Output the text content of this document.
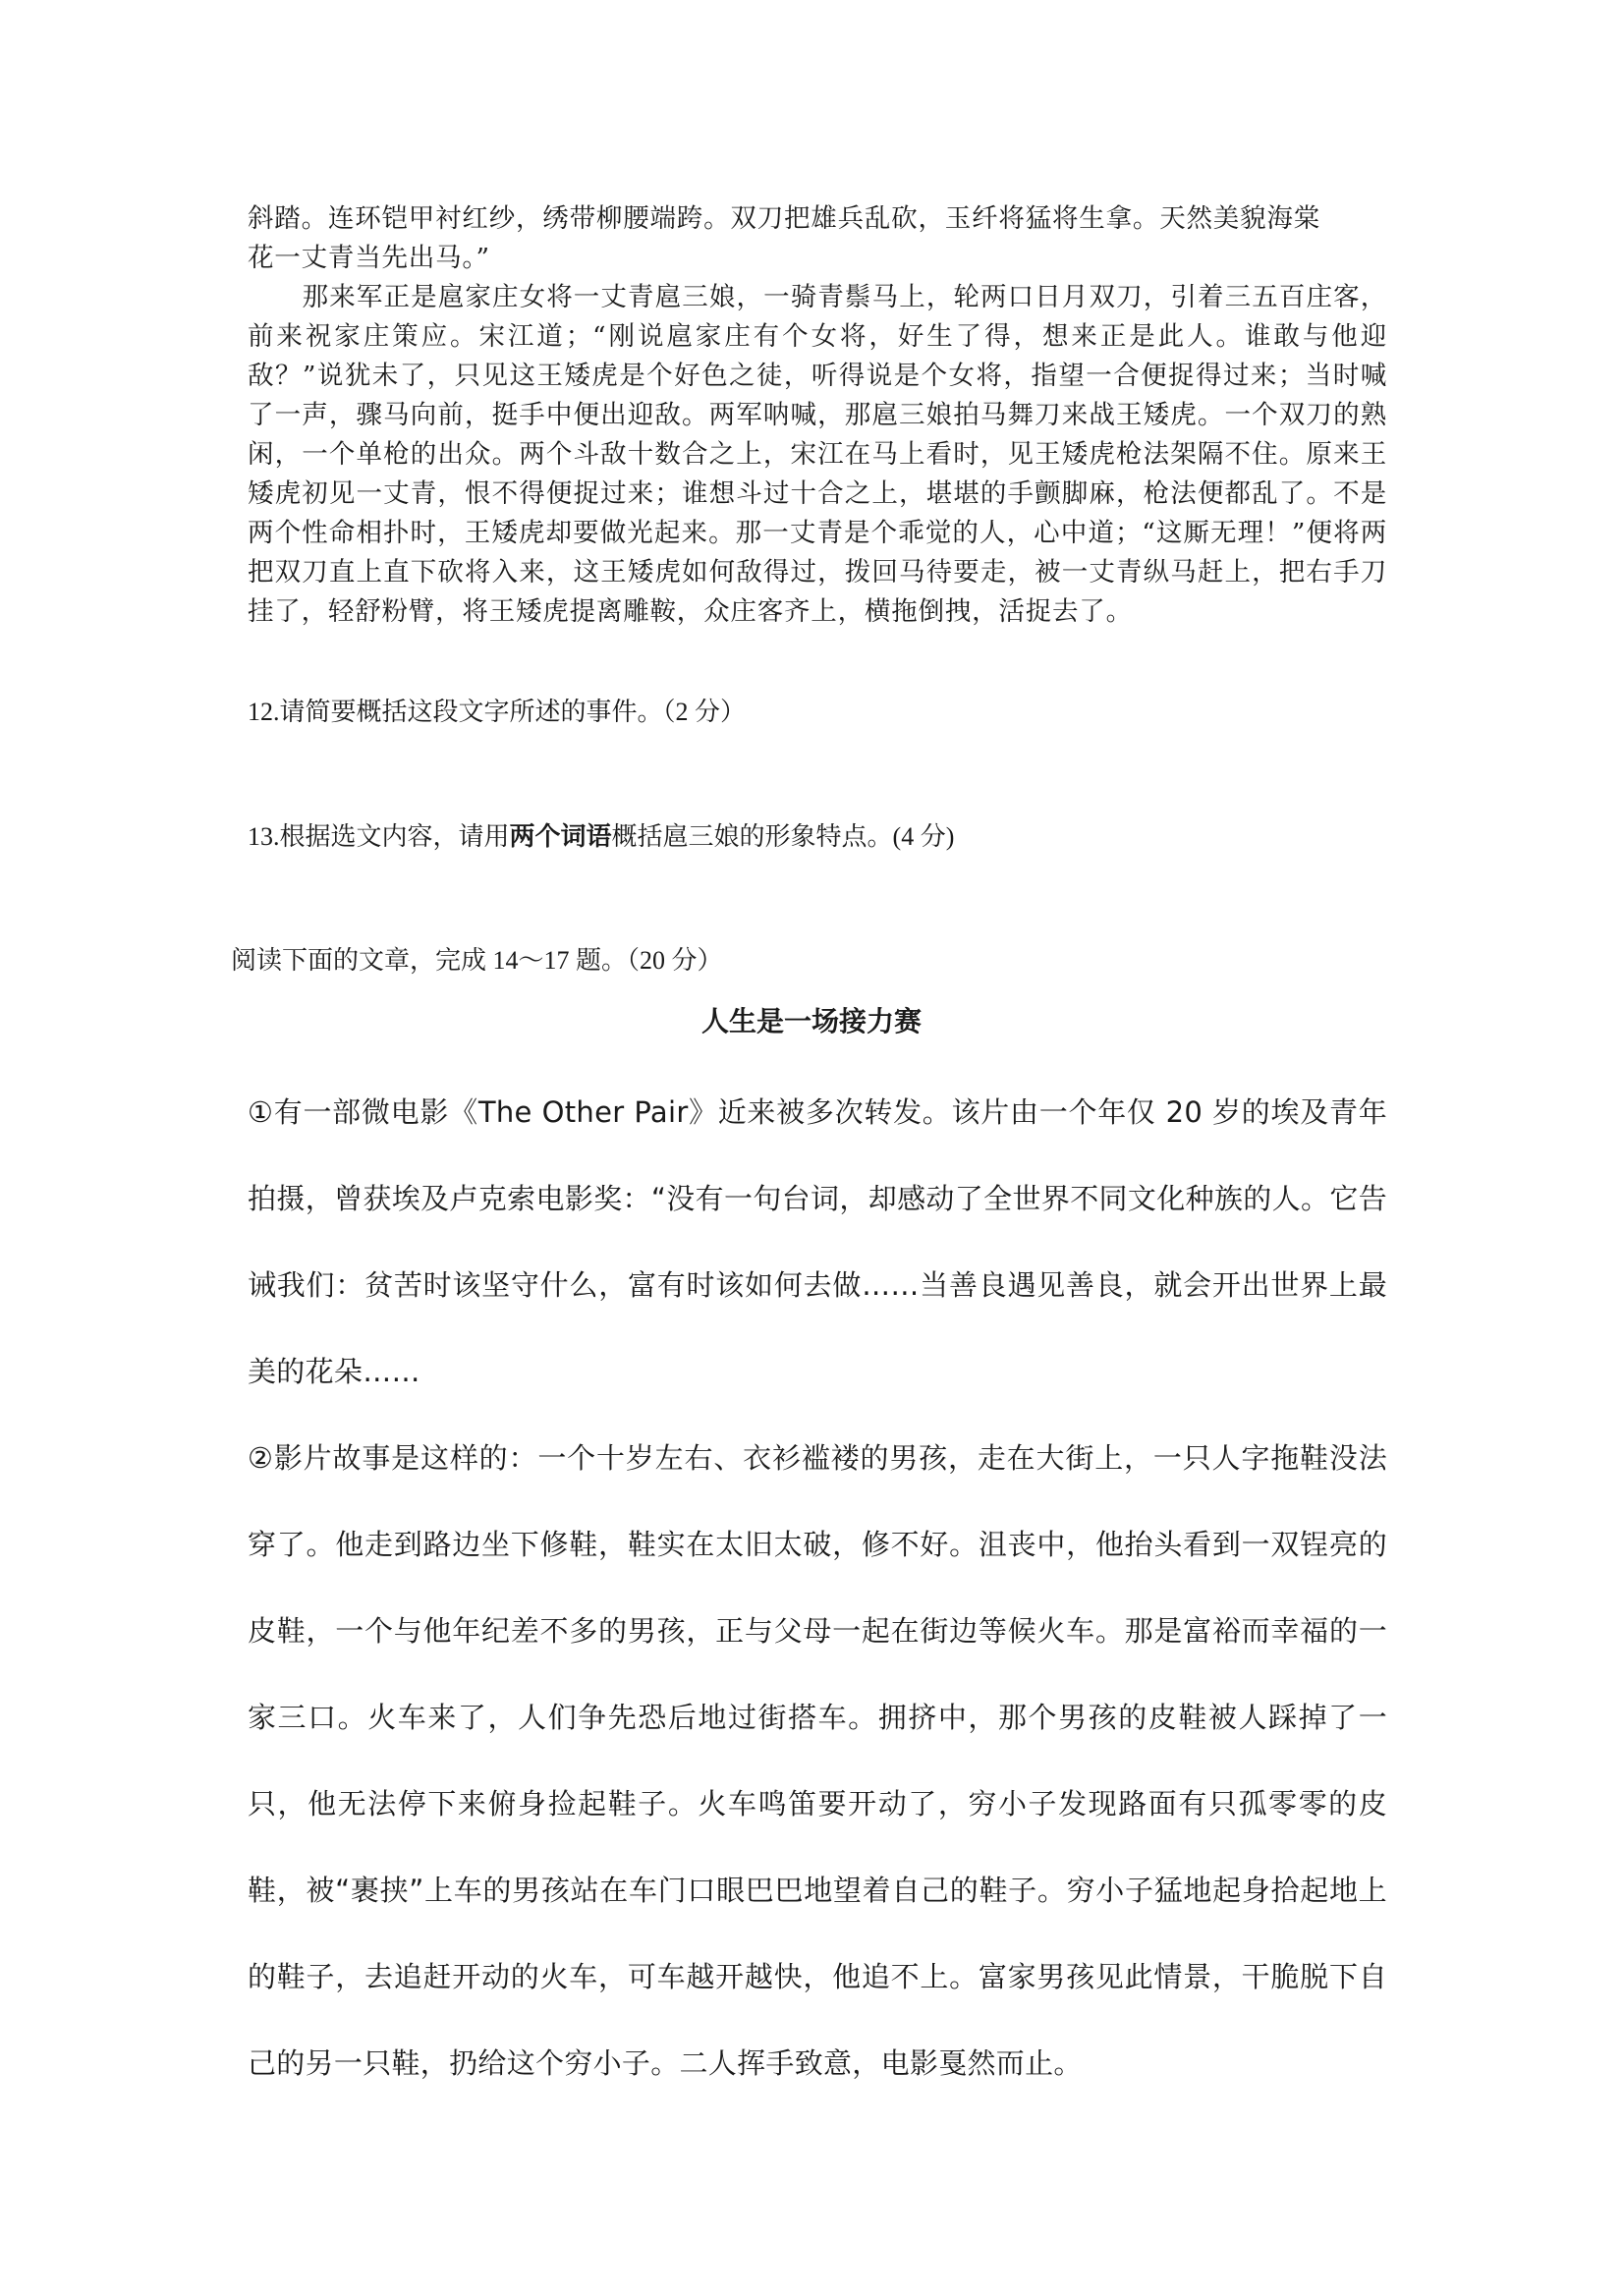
斜踏。连环铠甲衬红纱，绣带柳腰端跨。双刀把雄兵乱砍，玉纤将猛将生拿。天然美貌海棠

花一丈青当先出马。”

那来军正是扈家庄女将一丈青扈三娘，一骑青鬃马上，轮两口日月双刀，引着三五百庄客，前来祝家庄策应。宋江道；“刚说扈家庄有个女将，好生了得，想来正是此人。谁敢与他迎敌？”说犹未了，只见这王矮虎是个好色之徒，听得说是个女将，指望一合便捉得过来；当时喊了一声，骤马向前，挺手中便出迎敌。两军呐喊，那扈三娘拍马舞刀来战王矮虎。一个双刀的熟闲，一个单枪的出众。两个斗敌十数合之上，宋江在马上看时，见王矮虎枪法架隔不住。原来王矮虎初见一丈青，恨不得便捉过来；谁想斗过十合之上，堪堪的手颤脚麻，枪法便都乱了。不是两个性命相扑时，王矮虎却要做光起来。那一丈青是个乖觉的人，心中道；“这厮无理！”便将两把双刀直上直下砍将入来，这王矮虎如何敌得过，拨回马待要走，被一丈青纵马赶上，把右手刀挂了，轻舒粉臂，将王矮虎提离雕鞍，众庄客齐上，横拖倒拽，活捉去了。

12.请简要概括这段文字所述的事件。（2 分）

13.根据选文内容，请用两个词语概括扈三娘的形象特点。(4 分)

阅读下面的文章，完成 14～17 题。（20 分）

人生是一场接力赛

①有一部微电影《The Other Pair》近来被多次转发。该片由一个年仅 20 岁的埃及青年拍摄，曾获埃及卢克索电影奖：“没有一句台词，却感动了全世界不同文化种族的人。它告诫我们：贫苦时该坚守什么，富有时该如何去做……当善良遇见善良，就会开出世界上最美的花朵……

②影片故事是这样的：一个十岁左右、衣衫褴褛的男孩，走在大街上，一只人字拖鞋没法穿了。他走到路边坐下修鞋，鞋实在太旧太破，修不好。沮丧中，他抬头看到一双锃亮的皮鞋，一个与他年纪差不多的男孩，正与父母一起在街边等候火车。那是富裕而幸福的一家三口。火车来了，人们争先恐后地过街搭车。拥挤中，那个男孩的皮鞋被人踩掉了一只，他无法停下来俯身捡起鞋子。火车鸣笛要开动了，穷小子发现路面有只孤零零的皮鞋，被“裹挟”上车的男孩站在车门口眼巴巴地望着自己的鞋子。穷小子猛地起身拾起地上的鞋子，去追赶开动的火车，可车越开越快，他追不上。富家男孩见此情景，干脆脱下自己的另一只鞋，扔给这个穷小子。二人挥手致意，电影戛然而止。
